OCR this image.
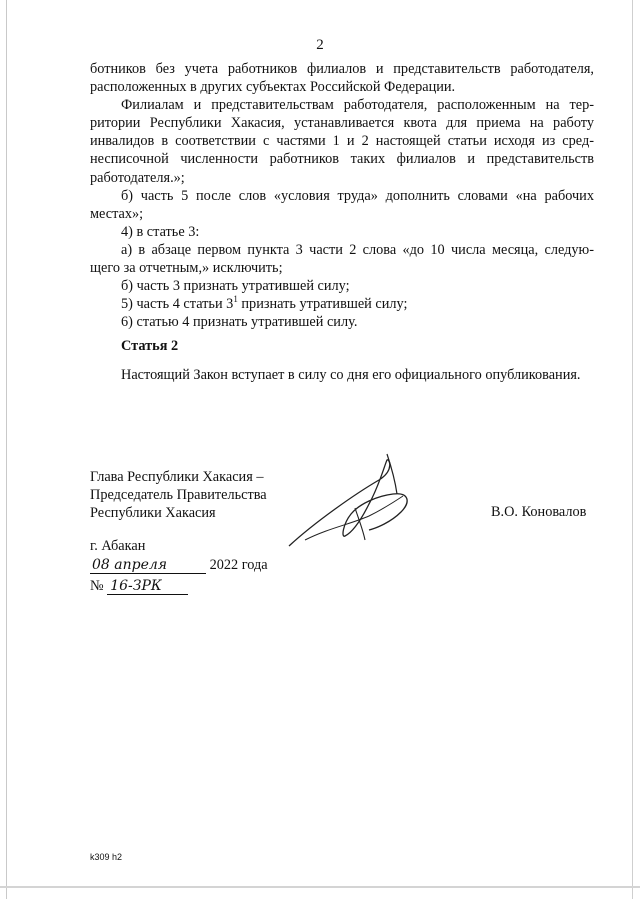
2

ботников без учета работников филиалов и представительств работодателя,

расположенных в других субъектах Российской Федерации.

Филиалам и представительствам работодателя, расположенным на тер-

ритории Республики Хакасия, устанавливается квота для приема на работу

инвалидов в соответствии с частями 1 и 2 настоящей статьи исходя из сред-

несписочной численности работников таких филиалов и представительств

работодателя.»;

б) часть 5 после слов «условия труда» дополнить словами «на рабочих

местах»;

4) в статье 3:

а) в абзаце первом пункта 3 части 2 слова «до 10 числа месяца, следую-

щего за отчетным,» исключить;

б) часть 3 признать утратившей силу;

5) часть 4 статьи $3^1$ признать утратившей силу;

6) статью 4 признать утратившей силу.

Статья 2
Настоящий Закон вступает в силу со дня его официального опубликования.
Глава Республики Хакасия –
Председатель Правительства
Республики Хакасия	В.О. Коновалов
г. Абакан
08 апреля	2022 года
№ 16-ЗРК
k309 h2
